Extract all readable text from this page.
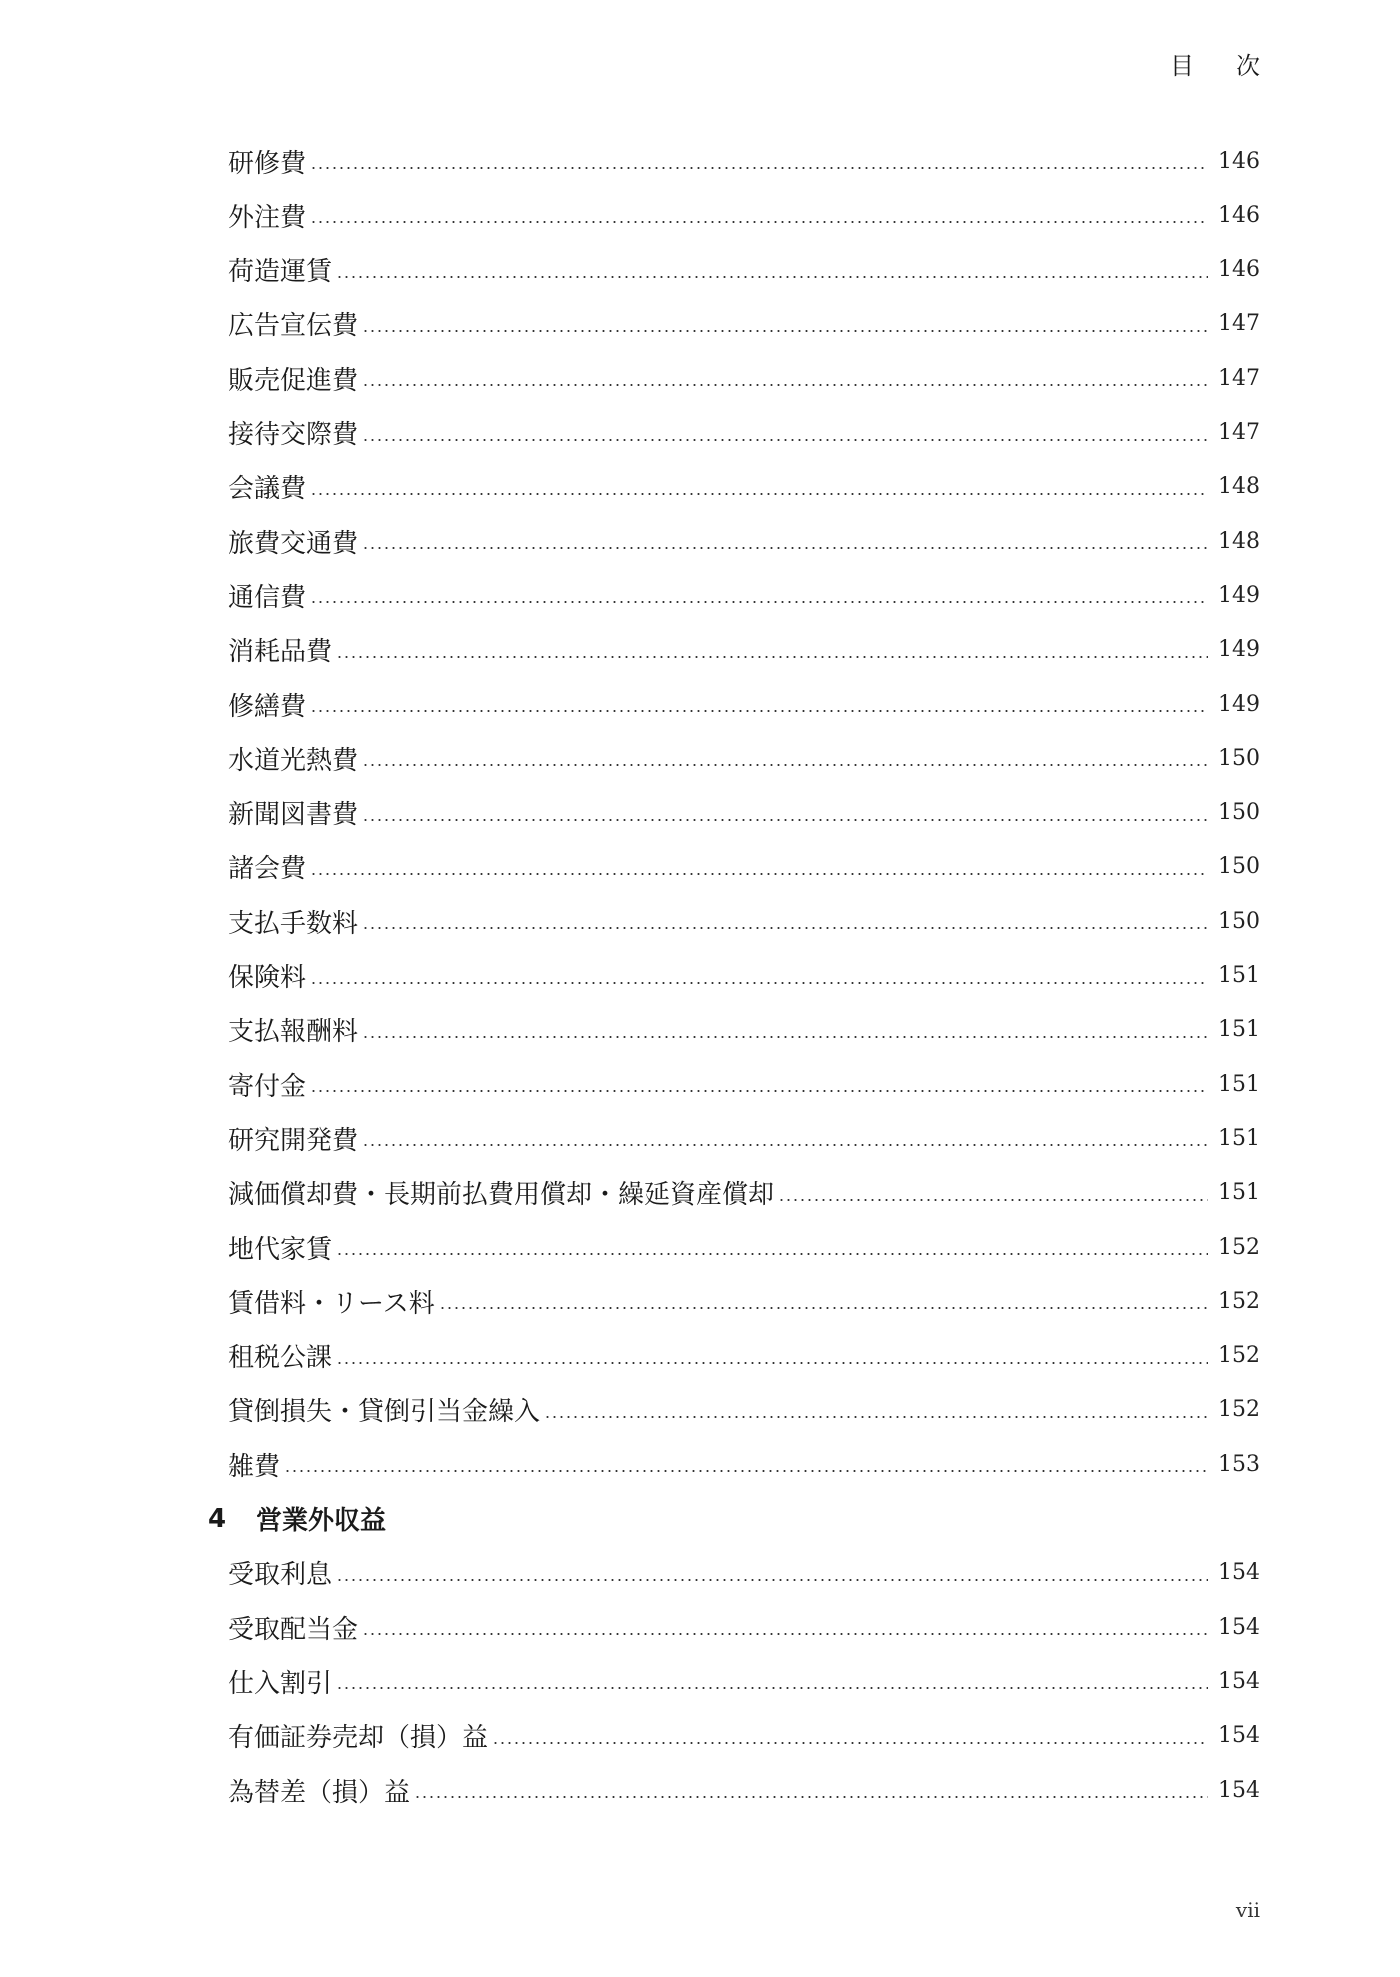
目 次
研修費	146
外注費	146
荷造運賃	146
広告宣伝費	147
販売促進費	147
接待交際費	147
会議費	148
旅費交通費	148
通信費	149
消耗品費	149
修繕費	149
水道光熱費	150
新聞図書費	150
諸会費	150
支払手数料	150
保険料	151
支払報酬料	151
寄付金	151
研究開発費	151
減価償却費・長期前払費用償却・繰延資産償却	151
地代家賃	152
賃借料・リース料	152
租税公課	152
貸倒損失・貸倒引当金繰入	152
雑費	153
4	営業外収益
受取利息	154
受取配当金	154
仕入割引	154
有価証券売却（損）益	154
為替差（損）益	154
vii
